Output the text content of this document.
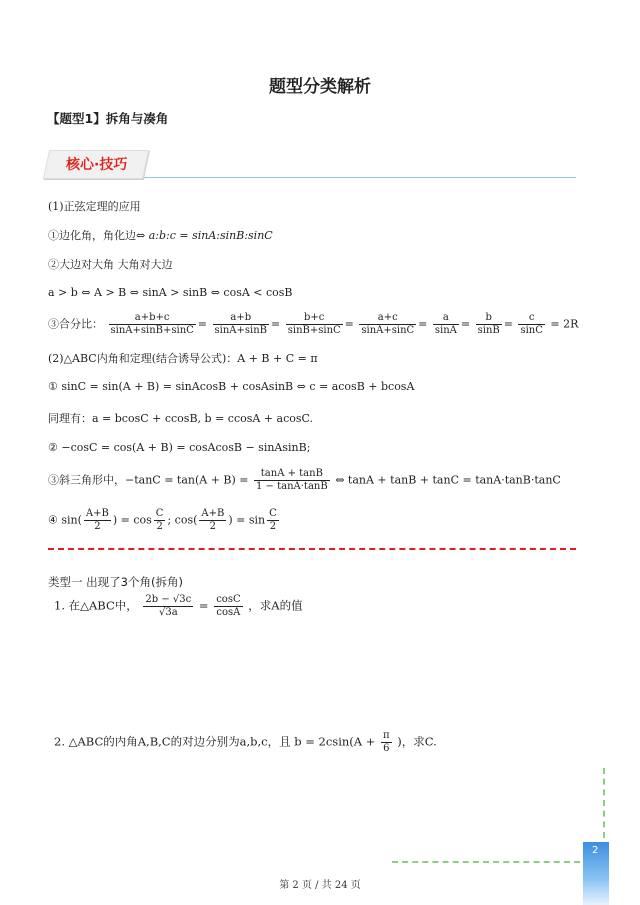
题型分类解析
【题型1】拆角与凑角
核心·技巧
(1)正弦定理的应用
①边化角，角化边⇔ a:b:c = sinA:sinB:sinC
②大边对大角 大角对大边
a > b ⇔ A > B ⇔ sinA > sinB ⇔ cosA < cosB
③合分比： $\frac{a+b+c}{\sin A+\sin B+\sin C} = \frac{a+b}{\sin A+\sin B} = \frac{b+c}{\sin B+\sin C} = \frac{a+c}{\sin A+\sin C} = \frac{a}{\sin A} = \frac{b}{\sin B} = \frac{c}{\sin C} = 2R$
(2)△ABC内角和定理(结合诱导公式)：A + B + C = π
① sinC = sin(A + B) = sinAcosB + cosAsinB ⇔ c = acosB + bcosA
同理有：a = bcosC + ccosB, b = ccosA + acosC.
② −cosC = cos(A + B) = cosAcosB − sinAsinB;
③斜三角形中，$-\tan C = \tan(A + B) = \frac{\tan A + \tan B}{1 - \tan A\cdot\tan B}$ ⇔ tanA + tanB + tanC = tanA·tanB·tanC
④ $\sin( \frac{A+B}{2}$ ) = $\cos \frac{C}{2}$ ; $\cos( \frac{A+B}{2}$ ) = $\sin \frac{C}{2}$
类型一 出现了3个角(拆角)
1. 在△ABC中， $\frac{2b - √3c}{√3a} = \frac{\cos C}{\cos A}$ ，求A的值
2. △ABC的内角A,B,C的对边分别为a,b,c，且 $b = 2csin(A + \frac{\pi}{6}$ )，求C.
2
第 2 页 / 共 24 页
